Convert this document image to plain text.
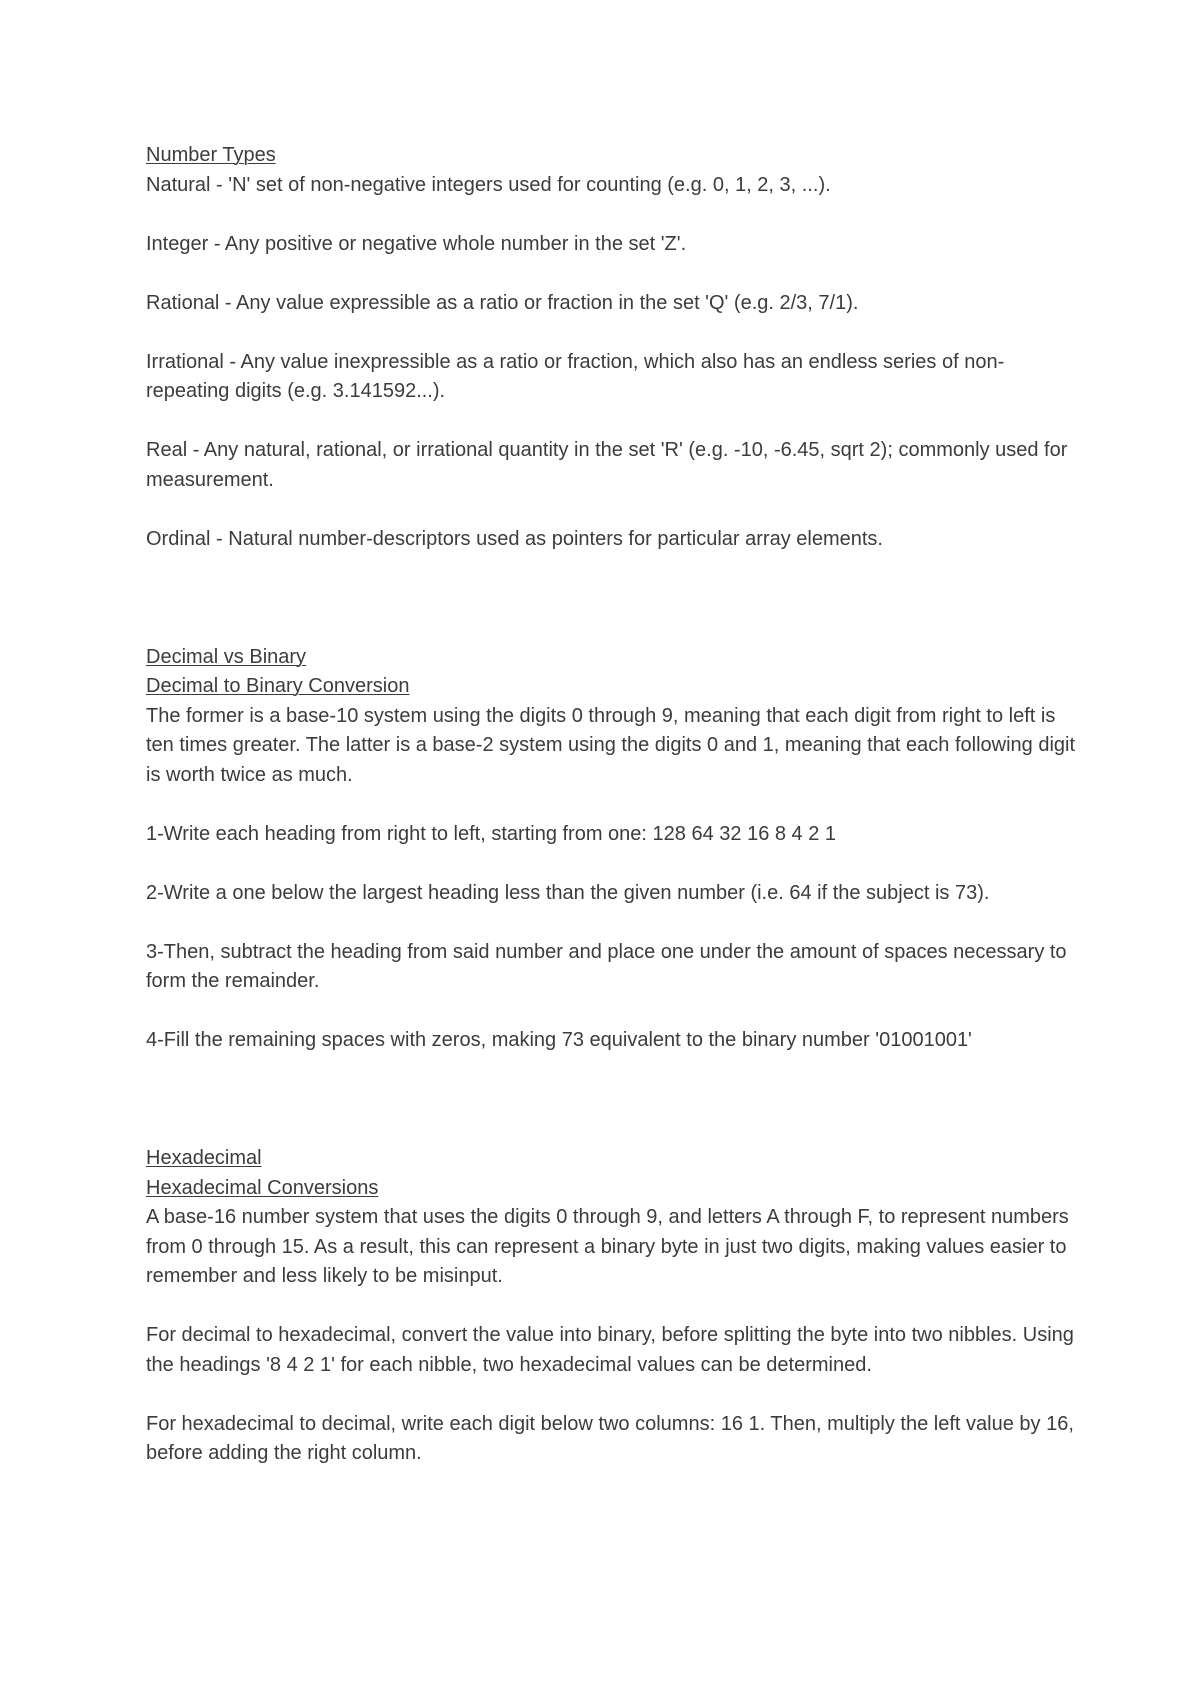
Number Types

Natural - 'N' set of non-negative integers used for counting (e.g. 0, 1, 2, 3, ...).

Integer - Any positive or negative whole number in the set 'Z'.

Rational - Any value expressible as a ratio or fraction in the set 'Q' (e.g. 2/3, 7/1).

Irrational - Any value inexpressible as a ratio or fraction, which also has an endless series of non-repeating digits (e.g. 3.141592...).

Real - Any natural, rational, or irrational quantity in the set 'R' (e.g. -10, -6.45, sqrt 2); commonly used for measurement.

Ordinal - Natural number-descriptors used as pointers for particular array elements.

Decimal vs Binary

Decimal to Binary Conversion

The former is a base-10 system using the digits 0 through 9, meaning that each digit from right to left is ten times greater. The latter is a base-2 system using the digits 0 and 1, meaning that each following digit is worth twice as much.

1-Write each heading from right to left, starting from one: 128 64 32 16 8 4 2 1

2-Write a one below the largest heading less than the given number (i.e. 64 if the subject is 73).

3-Then, subtract the heading from said number and place one under the amount of spaces necessary to form the remainder.

4-Fill the remaining spaces with zeros, making 73 equivalent to the binary number '01001001'

Hexadecimal

Hexadecimal Conversions

A base-16 number system that uses the digits 0 through 9, and letters A through F, to represent numbers from 0 through 15. As a result, this can represent a binary byte in just two digits, making values easier to remember and less likely to be misinput.

For decimal to hexadecimal, convert the value into binary, before splitting the byte into two nibbles. Using the headings '8 4 2 1' for each nibble, two hexadecimal values can be determined.

For hexadecimal to decimal, write each digit below two columns: 16 1. Then, multiply the left value by 16, before adding the right column.
